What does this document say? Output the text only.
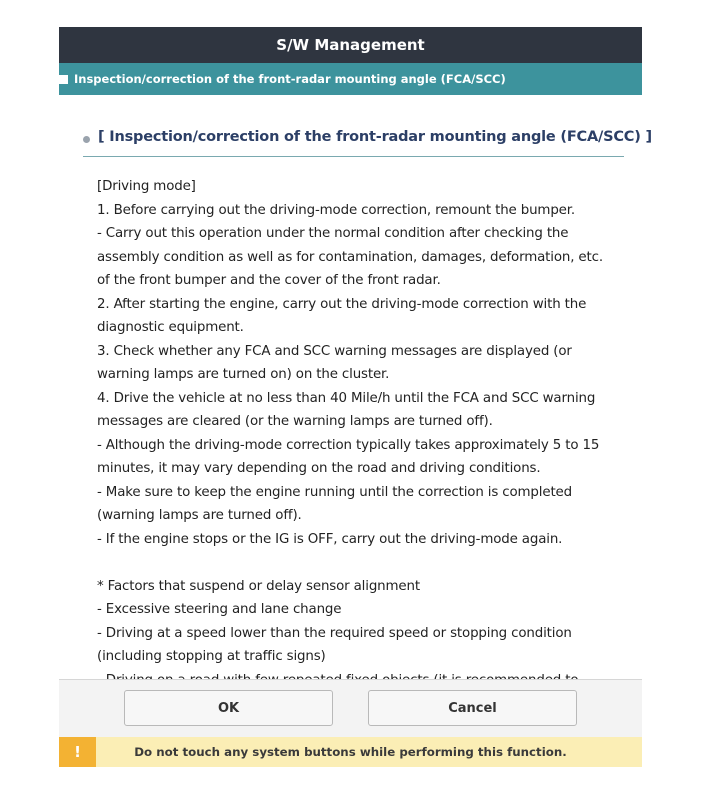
S/W Management
Inspection/correction of the front-radar mounting angle (FCA/SCC)
[ Inspection/correction of the front-radar mounting angle (FCA/SCC) ]
[Driving mode]
1. Before carrying out the driving-mode correction, remount the bumper.
- Carry out this operation under the normal condition after checking the
assembly condition as well as for contamination, damages, deformation, etc.
of the front bumper and the cover of the front radar.
2. After starting the engine, carry out the driving-mode correction with the
diagnostic equipment.
3. Check whether any FCA and SCC warning messages are displayed (or
warning lamps are turned on) on the cluster.
4. Drive the vehicle at no less than 40 Mile/h until the FCA and SCC warning
messages are cleared (or the warning lamps are turned off).
- Although the driving-mode correction typically takes approximately 5 to 15
minutes, it may vary depending on the road and driving conditions.
- Make sure to keep the engine running until the correction is completed
(warning lamps are turned off).
- If the engine stops or the IG is OFF, carry out the driving-mode again.
* Factors that suspend or delay sensor alignment
- Excessive steering and lane change
- Driving at a speed lower than the required speed or stopping condition
(including stopping at traffic signs)
OK	Cancel
!	Do not touch any system buttons while performing this function.
